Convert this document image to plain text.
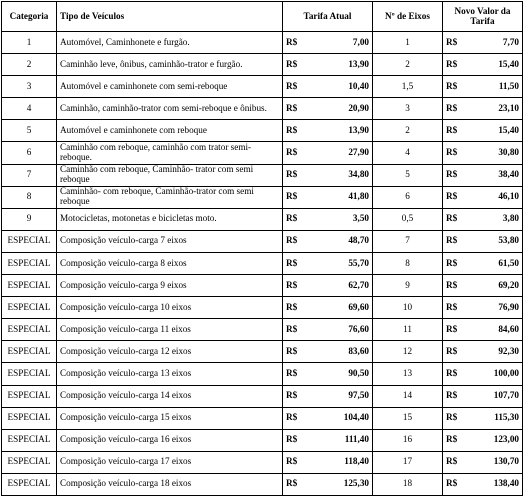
Categoria	Tipo de Veículos	Tarifa Atual	Nº de Eixos	Novo Valor da Tarifa
1	Automóvel, Caminhonete e furgão.	R$ 7,00	1	R$ 7,70

2	Caminhão leve, ônibus, caminhão-trator e furgão.	R$ 13,90	2	R$ 15,40

3	Automóvel e caminhonete com semi-reboque	R$ 10,40	1,5	R$ 11,50

4	Caminhão, caminhão-trator com semi-reboque e ônibus.	R$ 20,90	3	R$ 23,10

5	Automóvel e caminhonete com reboque	R$ 13,90	2	R$ 15,40

6	Caminhão com reboque, caminhão com trator semi-reboque.	R$ 27,90	4	R$ 30,80

7	Caminhão com reboque, Caminhão- trator com semi reboque	R$ 34,80	5	R$ 38,40

8	Caminhão- com reboque, Caminhão-trator com semi reboque	R$ 41,80	6	R$ 46,10

9	Motocicletas, motonetas e bicicletas moto.	R$ 3,50	0,5	R$ 3,80

ESPECIAL	Composição veículo-carga 7 eixos	R$ 48,70	7	R$ 53,80

ESPECIAL	Composição veículo-carga 8 eixos	R$ 55,70	8	R$ 61,50

ESPECIAL	Composição veículo-carga 9 eixos	R$ 62,70	9	R$ 69,20

ESPECIAL	Composição veículo-carga 10 eixos	R$ 69,60	10	R$ 76,90

ESPECIAL	Composição veículo-carga 11 eixos	R$ 76,60	11	R$ 84,60

ESPECIAL	Composição veículo-carga 12 eixos	R$ 83,60	12	R$ 92,30

ESPECIAL	Composição veículo-carga 13 eixos	R$ 90,50	13	R$ 100,00

ESPECIAL	Composição veículo-carga 14 eixos	R$ 97,50	14	R$ 107,70

ESPECIAL	Composição veículo-carga 15 eixos	R$ 104,40	15	R$ 115,30

ESPECIAL	Composição veículo-carga 16 eixos	R$ 111,40	16	R$ 123,00

ESPECIAL	Composição veículo-carga 17 eixos	R$ 118,40	17	R$ 130,70

ESPECIAL	Composição veículo-carga 18 eixos	R$ 125,30	18	R$ 138,40
